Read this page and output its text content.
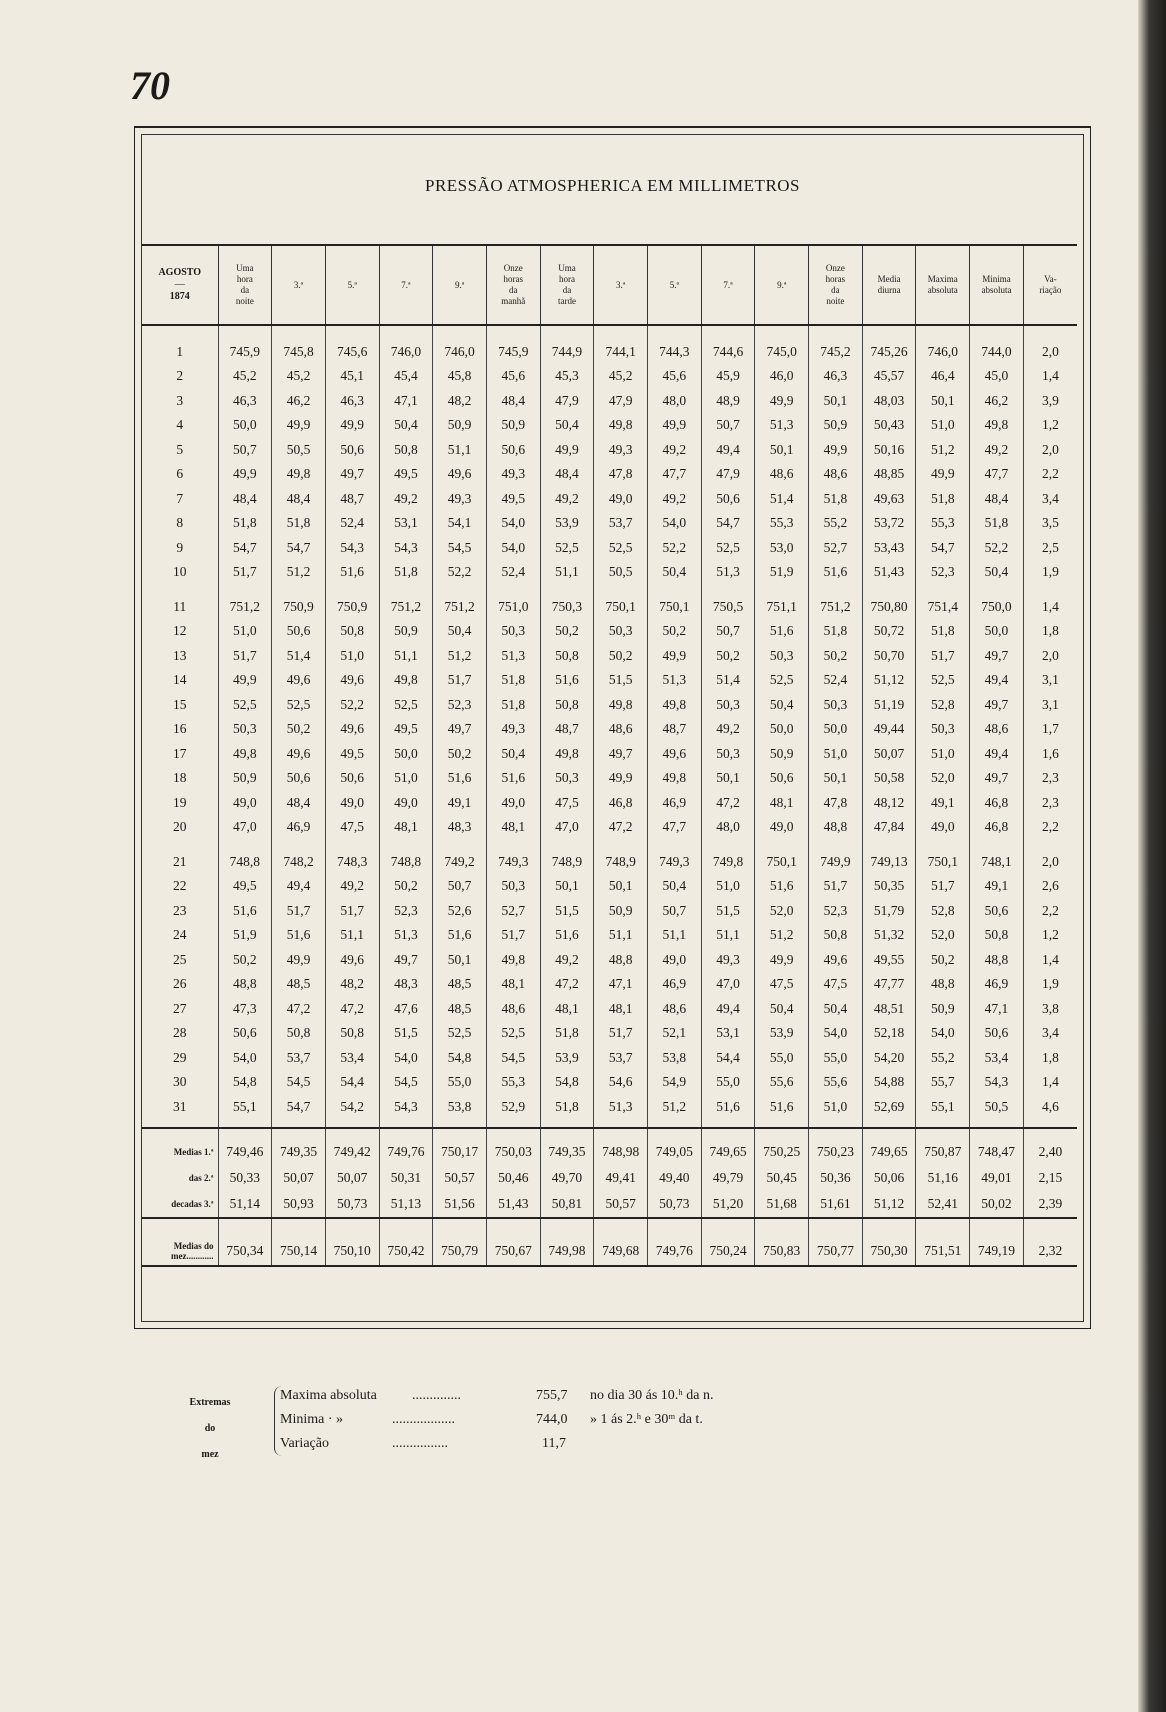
70
PRESSÃO ATMOSPHERICA EM MILLIMETROS
AGOSTO
—
1874	Uma
hora
da
noite	3.ª	5.ª	7.ª	9.ª	Onze
horas
da
manhã	Uma
hora
da
tarde	3.ª	5.ª	7.ª	9.ª	Onze
horas
da
noite	Media
diurna	Maxima
absoluta	Minima
absoluta	Va-
riação
1	745,9	745,8	745,6	746,0	746,0	745,9	744,9	744,1	744,3	744,6	745,0	745,2	745,26	746,0	744,0	2,0
2	45,2	45,2	45,1	45,4	45,8	45,6	45,3	45,2	45,6	45,9	46,0	46,3	45,57	46,4	45,0	1,4
3	46,3	46,2	46,3	47,1	48,2	48,4	47,9	47,9	48,0	48,9	49,9	50,1	48,03	50,1	46,2	3,9
4	50,0	49,9	49,9	50,4	50,9	50,9	50,4	49,8	49,9	50,7	51,3	50,9	50,43	51,0	49,8	1,2
5	50,7	50,5	50,6	50,8	51,1	50,6	49,9	49,3	49,2	49,4	50,1	49,9	50,16	51,2	49,2	2,0
6	49,9	49,8	49,7	49,5	49,6	49,3	48,4	47,8	47,7	47,9	48,6	48,6	48,85	49,9	47,7	2,2
7	48,4	48,4	48,7	49,2	49,3	49,5	49,2	49,0	49,2	50,6	51,4	51,8	49,63	51,8	48,4	3,4
8	51,8	51,8	52,4	53,1	54,1	54,0	53,9	53,7	54,0	54,7	55,3	55,2	53,72	55,3	51,8	3,5
9	54,7	54,7	54,3	54,3	54,5	54,0	52,5	52,5	52,2	52,5	53,0	52,7	53,43	54,7	52,2	2,5
10	51,7	51,2	51,6	51,8	52,2	52,4	51,1	50,5	50,4	51,3	51,9	51,6	51,43	52,3	50,4	1,9

11	751,2	750,9	750,9	751,2	751,2	751,0	750,3	750,1	750,1	750,5	751,1	751,2	750,80	751,4	750,0	1,4
12	51,0	50,6	50,8	50,9	50,4	50,3	50,2	50,3	50,2	50,7	51,6	51,8	50,72	51,8	50,0	1,8
13	51,7	51,4	51,0	51,1	51,2	51,3	50,8	50,2	49,9	50,2	50,3	50,2	50,70	51,7	49,7	2,0
14	49,9	49,6	49,6	49,8	51,7	51,8	51,6	51,5	51,3	51,4	52,5	52,4	51,12	52,5	49,4	3,1
15	52,5	52,5	52,2	52,5	52,3	51,8	50,8	49,8	49,8	50,3	50,4	50,3	51,19	52,8	49,7	3,1
16	50,3	50,2	49,6	49,5	49,7	49,3	48,7	48,6	48,7	49,2	50,0	50,0	49,44	50,3	48,6	1,7
17	49,8	49,6	49,5	50,0	50,2	50,4	49,8	49,7	49,6	50,3	50,9	51,0	50,07	51,0	49,4	1,6
18	50,9	50,6	50,6	51,0	51,6	51,6	50,3	49,9	49,8	50,1	50,6	50,1	50,58	52,0	49,7	2,3
19	49,0	48,4	49,0	49,0	49,1	49,0	47,5	46,8	46,9	47,2	48,1	47,8	48,12	49,1	46,8	2,3
20	47,0	46,9	47,5	48,1	48,3	48,1	47,0	47,2	47,7	48,0	49,0	48,8	47,84	49,0	46,8	2,2

21	748,8	748,2	748,3	748,8	749,2	749,3	748,9	748,9	749,3	749,8	750,1	749,9	749,13	750,1	748,1	2,0
22	49,5	49,4	49,2	50,2	50,7	50,3	50,1	50,1	50,4	51,0	51,6	51,7	50,35	51,7	49,1	2,6
23	51,6	51,7	51,7	52,3	52,6	52,7	51,5	50,9	50,7	51,5	52,0	52,3	51,79	52,8	50,6	2,2
24	51,9	51,6	51,1	51,3	51,6	51,7	51,6	51,1	51,1	51,1	51,2	50,8	51,32	52,0	50,8	1,2
25	50,2	49,9	49,6	49,7	50,1	49,8	49,2	48,8	49,0	49,3	49,9	49,6	49,55	50,2	48,8	1,4
26	48,8	48,5	48,2	48,3	48,5	48,1	47,2	47,1	46,9	47,0	47,5	47,5	47,77	48,8	46,9	1,9
27	47,3	47,2	47,2	47,6	48,5	48,6	48,1	48,1	48,6	49,4	50,4	50,4	48,51	50,9	47,1	3,8
28	50,6	50,8	50,8	51,5	52,5	52,5	51,8	51,7	52,1	53,1	53,9	54,0	52,18	54,0	50,6	3,4
29	54,0	53,7	53,4	54,0	54,8	54,5	53,9	53,7	53,8	54,4	55,0	55,0	54,20	55,2	53,4	1,8
30	54,8	54,5	54,4	54,5	55,0	55,3	54,8	54,6	54,9	55,0	55,6	55,6	54,88	55,7	54,3	1,4
31	55,1	54,7	54,2	54,3	53,8	52,9	51,8	51,3	51,2	51,6	51,6	51,0	52,69	55,1	50,5	4,6

Medias 1.ª	749,46	749,35	749,42	749,76	750,17	750,03	749,35	748,98	749,05	749,65	750,25	750,23	749,65	750,87	748,47	2,40
das 2.ª	50,33	50,07	50,07	50,31	50,57	50,46	49,70	49,41	49,40	49,79	50,45	50,36	50,06	51,16	49,01	2,15
decadas 3.ª	51,14	50,93	50,73	51,13	51,56	51,43	50,81	50,57	50,73	51,20	51,68	51,61	51,12	52,41	50,02	2,39
Medias do
mez............	750,34	750,14	750,10	750,42	750,79	750,67	749,98	749,68	749,76	750,24	750,83	750,77	750,30	751,51	749,19	2,32
Extremas
do
mez
Maxima absoluta	..............	755,7 no dia 30 ás 10.ʰ da n.
Minima · »	..................	744,0 » 1 ás 2.ʰ e 30ᵐ da t.
Variação	................	11,7
